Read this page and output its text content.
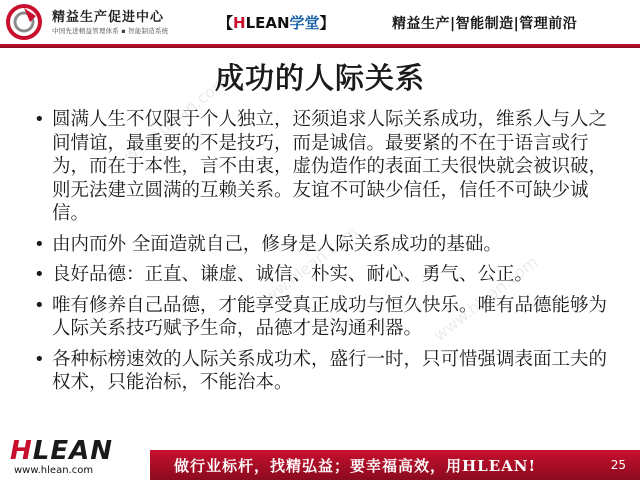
精益生产促进中心
中国先进精益管理体系 ▪ 智能制造系统	【HLEAN学堂】	精益生产|智能制造|管理前沿
www.hlean.com
www.hlean.com	www.hlean.com
成功的人际关系
• 圆满人生不仅限于个人独立，还须追求人际关系成功，维系人与人之间情谊，最重要的不是技巧，而是诚信。最要紧的不在于语言或行为，而在于本性，言不由衷，虚伪造作的表面工夫很快就会被识破，则无法建立圆满的互赖关系。友谊不可缺少信任，信任不可缺少诚信。
• 由内而外 全面造就自己，修身是人际关系成功的基础。
• 良好品德：正直、谦虚、诚信、朴实、耐心、勇气、公正。
• 唯有修养自己品德，才能享受真正成功与恒久快乐。唯有品德能够为人际关系技巧赋予生命，品德才是沟通利器。
• 各种标榜速效的人际关系成功术，盛行一时，只可惜强调表面工夫的权术，只能治标，不能治本。
HLEAN
www.hlean.com	做行业标杆，找精弘益；要幸福高效，用HLEAN!	25
